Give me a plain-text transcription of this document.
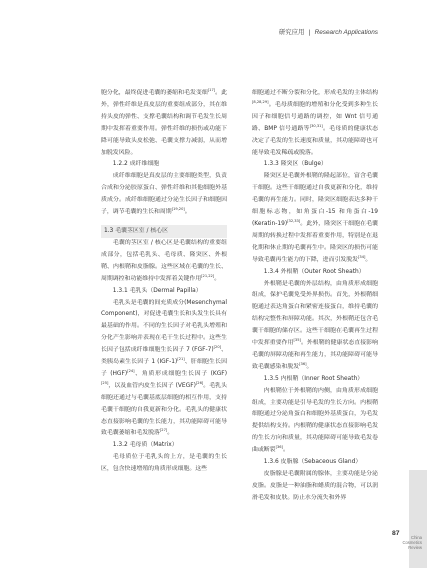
研究应用 | Research Applications

胞分化，最终促进毛囊的萎缩和毛发变细[17]。此外，弹性纤维是真皮层的重要组成部分，其在维持头皮的弹性、支撑毛囊结构和调节毛发生长周期中发挥着重要作用。弹性纤维的损伤或功能下降可能导致头皮松弛、毛囊支撑力减弱，从而增加脱发风险。

1.2.2 成纤维细胞

成纤维细胞是真皮层的主要细胞类型，负责合成和分泌胶原蛋白、弹性纤维和其他细胞外基质成分。成纤维细胞通过分泌生长因子和细胞因子，调节毛囊的生长和周期[19,20]。

1.3 毛囊茎区室 / 核心区

毛囊的茎区室 / 核心区是毛囊结构的重要组成部分，包括毛乳头、毛母质、隆突区、外根鞘、内根鞘和皮脂腺。这些区域在毛囊的生长、周期调控和功能维持中发挥着关键作用[21,22]。

1.3.1 毛乳头（Dermal Papilla）

毛乳头是毛囊的间充质成分(Mesenchymal Component)，对促进毛囊生长和头发生长具有最基础的作用。不同的生长因子对毛乳头增殖和分化产生影响并表现在毛干生长过程中。这些生长因子包括成纤维细胞生长因子 7 (FGF-7)[20]、类胰岛素生长因子 1 (IGF-1)[21]、肝细胞生长因子 (HGF)[24]、角质形成细胞生长因子 (KGF)[25]，以及血管内皮生长因子 (VEGF)[26]。毛乳头细胞还通过与毛囊基底层细胞的相互作用，支持毛囊干细胞的自我更新和分化。毛乳头的健康状态直接影响毛囊的生长能力，其功能障碍可能导致毛囊萎缩和毛发脱落[27]。

1.3.2 毛母质（Matrix）

毛母质位于毛乳头的上方，是毛囊的生长区，包含快速增殖的角质形成细胞。这些

细胞通过不断分裂和分化，形成毛发的主体结构[8,28,29]。毛母质细胞的增殖和分化受到多种生长因子和细胞信号通路的调控，如 Wnt 信号通路、BMP 信号通路等[30,31]。毛母质的健康状态决定了毛发的生长速度和质量，其功能障碍也可能导致毛发稀疏或脱落。

1.3.3 隆突区（Bulge）

隆突区是毛囊外根鞘的隆起部位，富含毛囊干细胞。这些干细胞通过自我更新和分化，维持毛囊的再生能力。同时，隆突区细胞表达多种干细胞标志物，如角蛋白-15 和角蛋白-19 (Keratin-19)[32,33]。此外，隆突区干细胞在毛囊周期的转换过程中发挥着重要作用，特别是在退化期和休止期的毛囊再生中。隆突区的损伤可能导致毛囊再生能力的下降，进而引发脱发[34]。

1.3.4 外根鞘（Outer Root Sheath）

外根鞘是毛囊的外层结构，由角质形成细胞组成，保护毛囊免受外界损伤。首先，外根鞘细胞通过表达角蛋白和紧密连接蛋白，维持毛囊的结构完整性和屏障功能。其次，外根鞘还包含毛囊干细胞的储存区。这些干细胞在毛囊再生过程中发挥重要作用[35]。外根鞘的健康状态直接影响毛囊的屏障功能和再生能力，其功能障碍可能导致毛囊感染和脱发[36]。

1.3.5 内根鞘（Inner Root Sheath）

内根鞘位于外根鞘的内侧，由角质形成细胞组成，主要功能是引导毛发的生长方向。内根鞘细胞通过分泌角蛋白和细胞外基质蛋白，为毛发提供结构支持。内根鞘的健康状态直接影响毛发的生长方向和质量，其功能障碍可能导致毛发卷曲或断裂[36]。

1.3.6 皮脂腺（Sebaceous Gland）

皮脂腺是毛囊附属的腺体，主要功能是分泌皮脂。皮脂是一种油脂和蜡质的混合物，可以润滑毛发和皮肤。防止水分流失和外界

China
Cosmetics
Review
87
